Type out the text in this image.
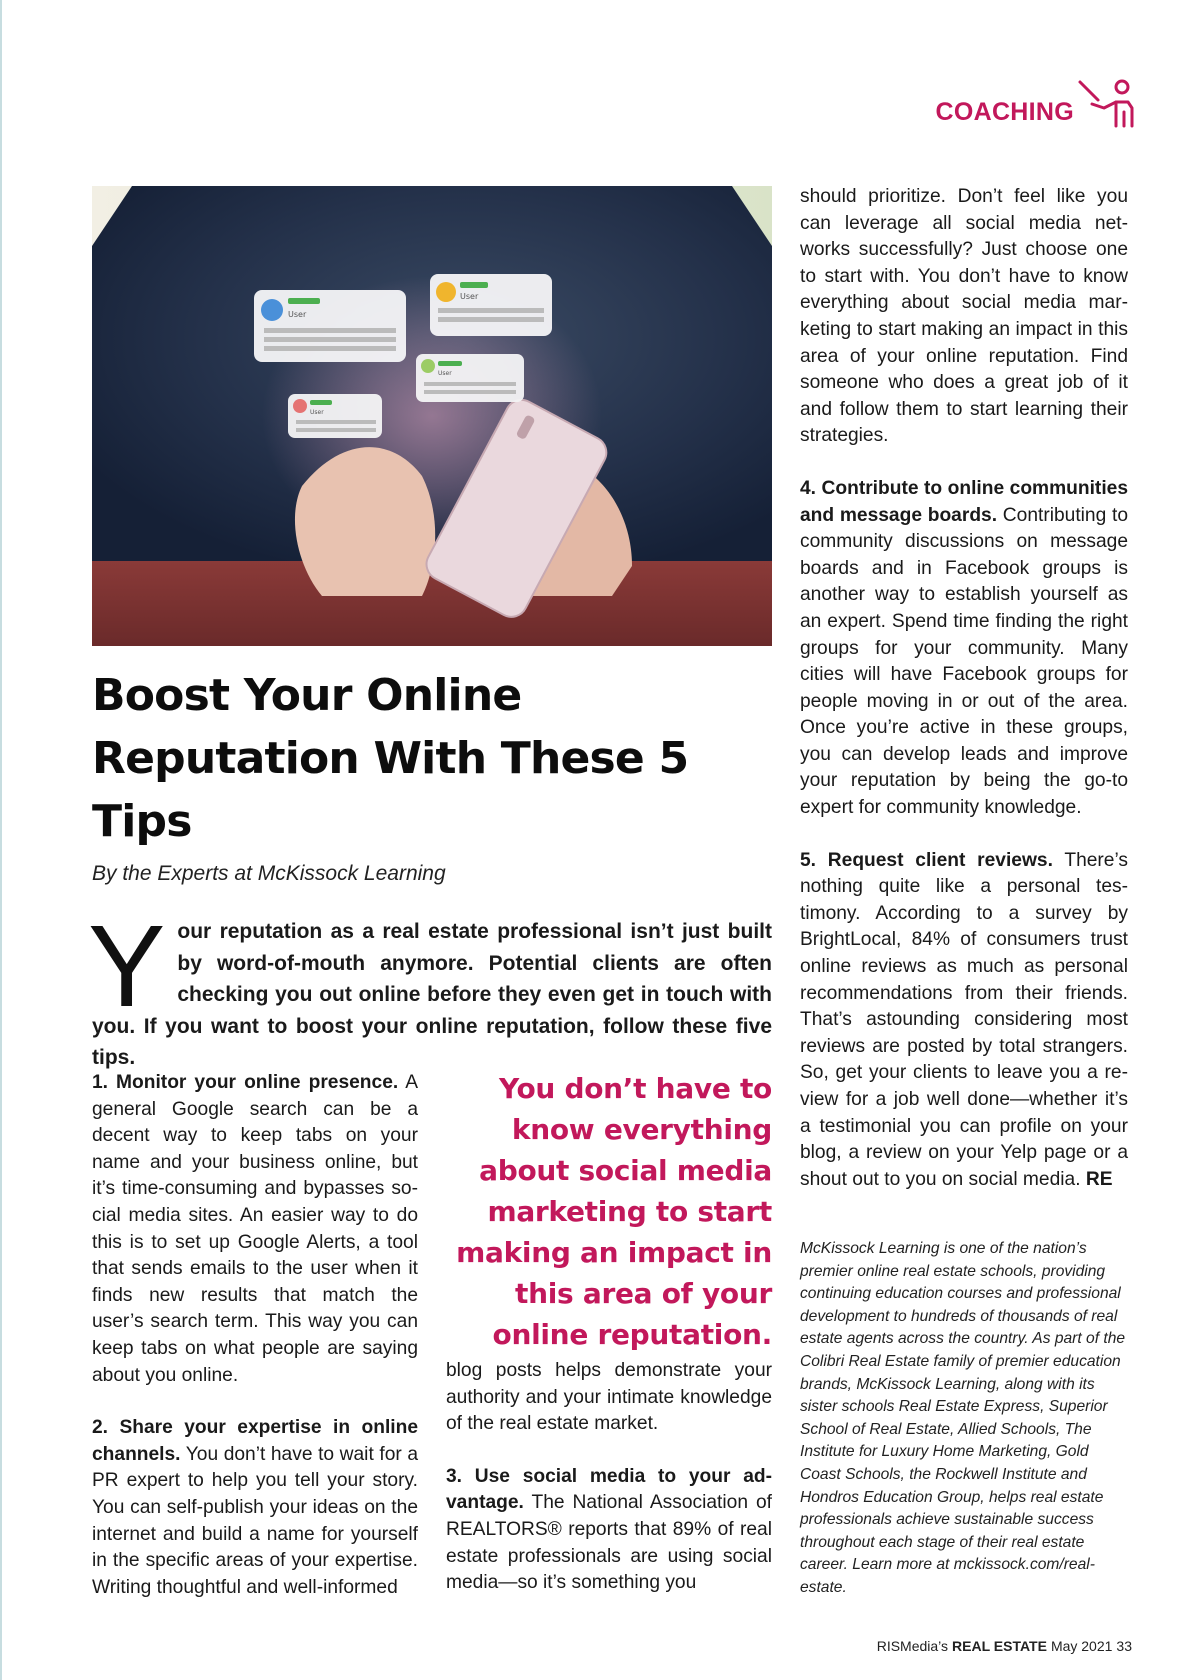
COACHING
User
User
User
User
Boost Your Online Reputation With These 5 Tips
By the Experts at McKissock Learning
Y our reputation as a real estate professional isn’t just built by word-of-mouth anymore. Potential clients are often checking you out online before they even get in touch with you. If you want to boost your online reputation, follow these five tips.

1. Monitor your online presence. A general Google search can be a decent way to keep tabs on your name and your business online, but it’s time-consuming and bypasses social media sites. An easier way to do this is to set up Google Alerts, a tool that sends emails to the user when it finds new results that match the user’s search term. This way you can keep tabs on what people are saying about you online.

2. Share your expertise in online channels. You don’t have to wait for a PR expert to help you tell your story. You can self-publish your ideas on the internet and build a name for yourself in the specific areas of your expertise. Writing thoughtful and well-informed

You don’t have to know everything about social media marketing to start making an impact in this area of your online reputation.

blog posts helps demonstrate your authority and your intimate knowledge of the real estate market.

3. Use social media to your advantage. The National Association of REALTORS® reports that 89% of real estate professionals are using social media—so it’s something you

should prioritize. Don’t feel like you can leverage all social media networks successfully? Just choose one to start with. You don’t have to know everything about social media marketing to start making an impact in this area of your online reputation. Find someone who does a great job of it and follow them to start learning their strategies.

4. Contribute to online communities and message boards. Contributing to community discussions on message boards and in Facebook groups is another way to establish yourself as an expert. Spend time finding the right groups for your community. Many cities will have Facebook groups for people moving in or out of the area. Once you’re active in these groups, you can develop leads and improve your reputation by being the go-to expert for community knowledge.

5. Request client reviews. There’s nothing quite like a personal testimony. According to a survey by BrightLocal, 84% of consumers trust online reviews as much as personal recommendations from their friends. That’s astounding considering most reviews are posted by total strangers. So, get your clients to leave you a review for a job well done—whether it’s a testimonial you can profile on your blog, a review on your Yelp page or a shout out to you on social media. RE

McKissock Learning is one of the nation’s premier online real estate schools, providing continuing education courses and professional development to hundreds of thousands of real estate agents across the country. As part of the Colibri Real Estate family of premier education brands, McKissock Learning, along with its sister schools Real Estate Express, Superior School of Real Estate, Allied Schools, The Institute for Luxury Home Marketing, Gold Coast Schools, the Rockwell Institute and Hondros Education Group, helps real estate professionals achieve sustainable success throughout each stage of their real estate career. Learn more at mckissock.com/real-estate.
RISMedia’s REAL ESTATE May 2021 33
